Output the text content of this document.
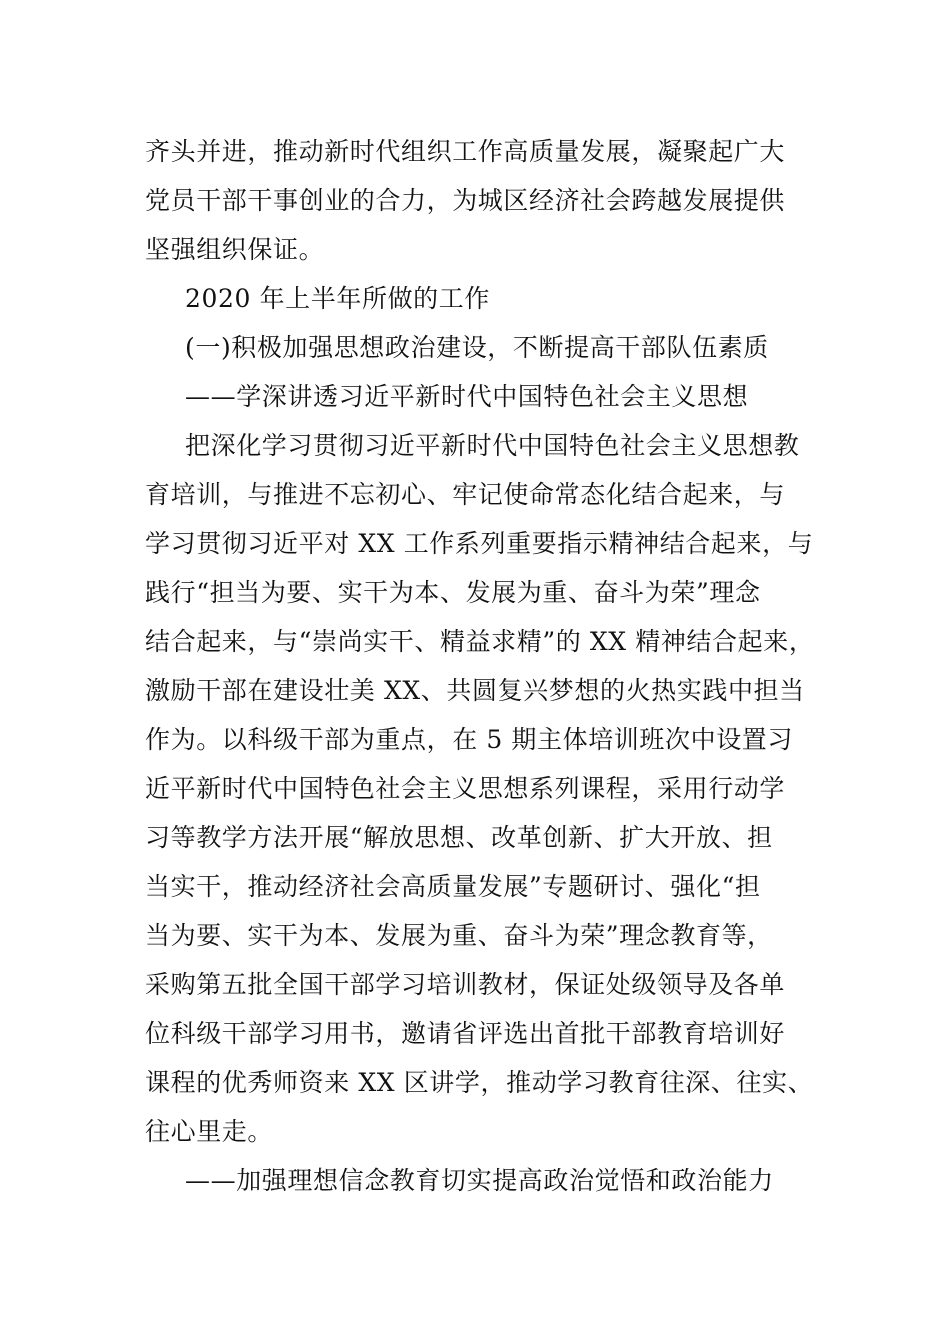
齐头并进，推动新时代组织工作高质量发展，凝聚起广大
党员干部干事创业的合力，为城区经济社会跨越发展提供
坚强组织保证。
2020 年上半年所做的工作
(一)积极加强思想政治建设，不断提高干部队伍素质
——学深讲透习近平新时代中国特色社会主义思想
把深化学习贯彻习近平新时代中国特色社会主义思想教
育培训，与推进不忘初心、牢记使命常态化结合起来，与
学习贯彻习近平对 XX 工作系列重要指示精神结合起来，与
践行“担当为要、实干为本、发展为重、奋斗为荣”理念
结合起来，与“崇尚实干、精益求精”的 XX 精神结合起来，
激励干部在建设壮美 XX、共圆复兴梦想的火热实践中担当
作为。以科级干部为重点，在 5 期主体培训班次中设置习
近平新时代中国特色社会主义思想系列课程，采用行动学
习等教学方法开展“解放思想、改革创新、扩大开放、担
当实干，推动经济社会高质量发展”专题研讨、强化“担
当为要、实干为本、发展为重、奋斗为荣”理念教育等，
采购第五批全国干部学习培训教材，保证处级领导及各单
位科级干部学习用书，邀请省评选出首批干部教育培训好
课程的优秀师资来 XX 区讲学，推动学习教育往深、往实、
往心里走。
——加强理想信念教育切实提高政治觉悟和政治能力
